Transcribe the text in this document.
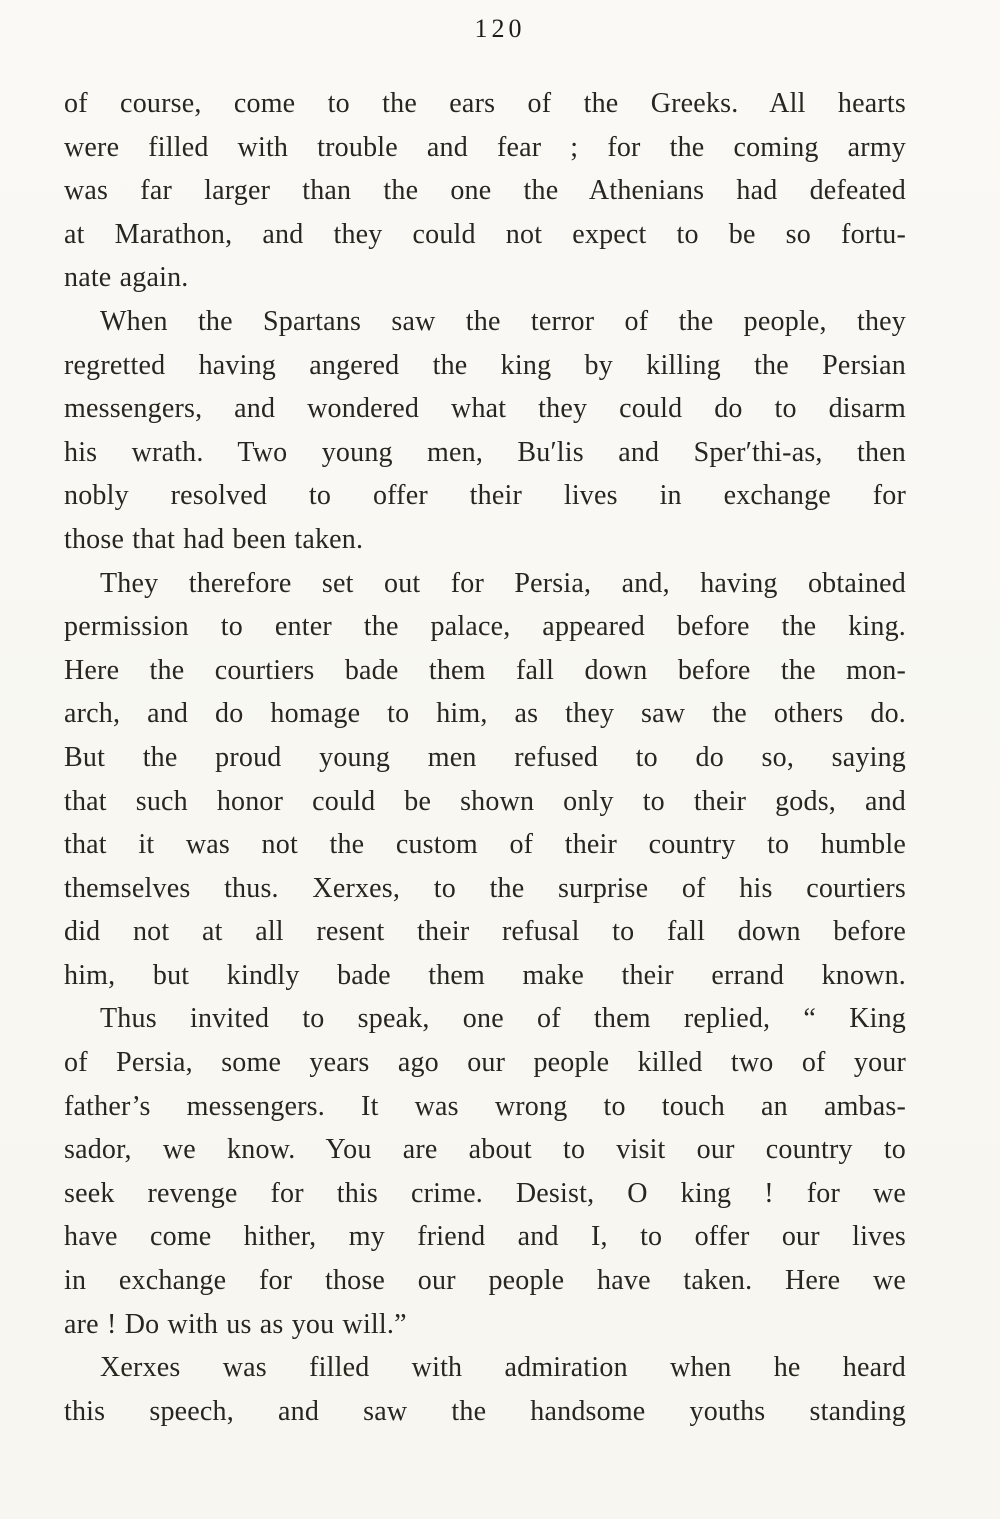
120
of course, come to the ears of the Greeks. All hearts
were filled with trouble and fear ; for the coming army
was far larger than the one the Athenians had defeated
at Marathon, and they could not expect to be so fortu-
nate again.
When the Spartans saw the terror of the people, they
regretted having angered the king by killing the Persian
messengers, and wondered what they could do to disarm
his wrath. Two young men, Bu′lis and Sper′thi-as, then
nobly resolved to offer their lives in exchange for
those that had been taken.
They therefore set out for Persia, and, having obtained
permission to enter the palace, appeared before the king.
Here the courtiers bade them fall down before the mon-
arch, and do homage to him, as they saw the others do.
But the proud young men refused to do so, saying
that such honor could be shown only to their gods, and
that it was not the custom of their country to humble
themselves thus. Xerxes, to the surprise of his courtiers
did not at all resent their refusal to fall down before
him, but kindly bade them make their errand known.
Thus invited to speak, one of them replied, “ King
of Persia, some years ago our people killed two of your
father’s messengers. It was wrong to touch an ambas-
sador, we know. You are about to visit our country to
seek revenge for this crime. Desist, O king ! for we
have come hither, my friend and I, to offer our lives
in exchange for those our people have taken. Here we
are ! Do with us as you will.”
Xerxes was filled with admiration when he heard
this speech, and saw the handsome youths standing
